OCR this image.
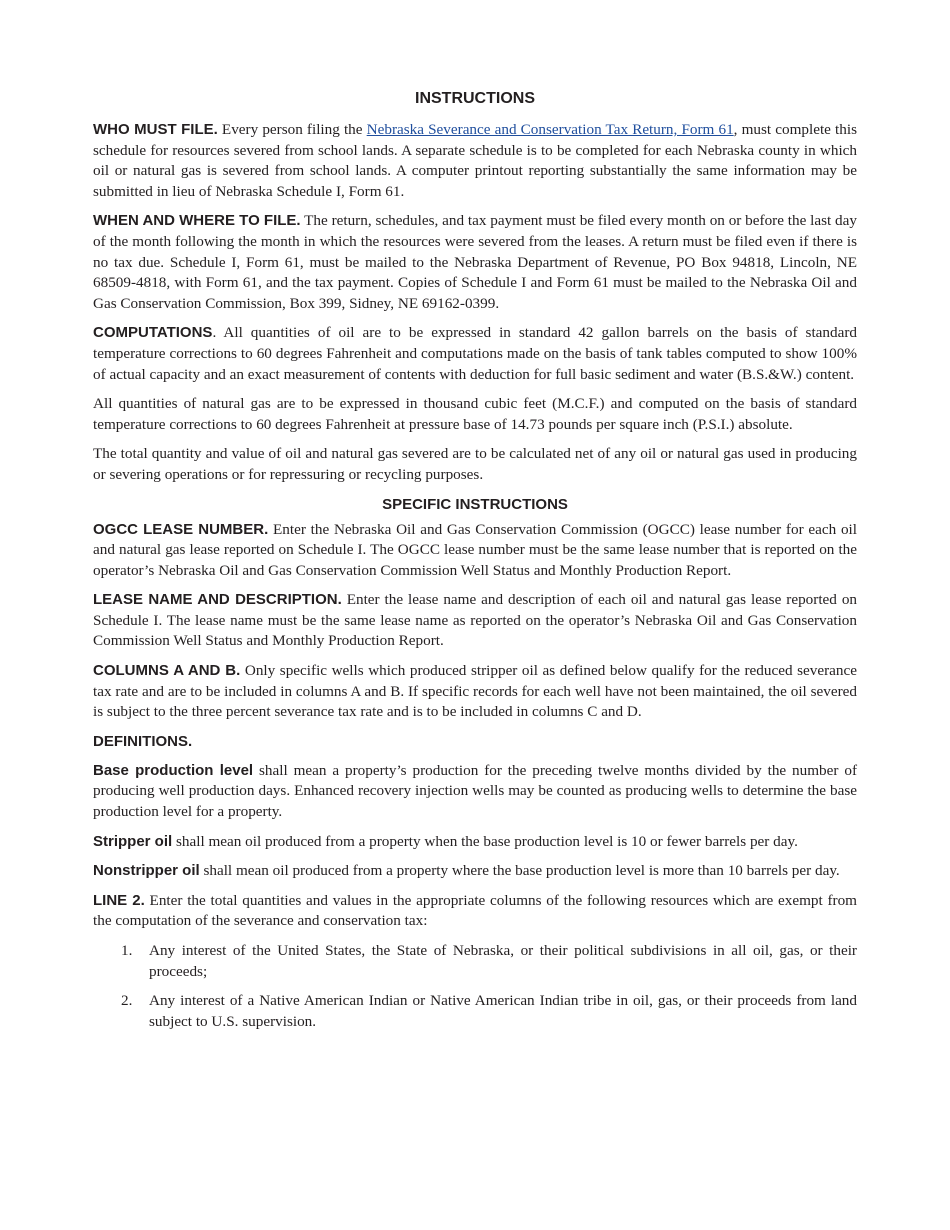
INSTRUCTIONS

WHO MUST FILE. Every person filing the Nebraska Severance and Conservation Tax Return, Form 61, must complete this schedule for resources severed from school lands. A separate schedule is to be completed for each Nebraska county in which oil or natural gas is severed from school lands. A computer printout reporting substantially the same information may be submitted in lieu of Nebraska Schedule I, Form 61.

WHEN AND WHERE TO FILE. The return, schedules, and tax payment must be filed every month on or before the last day of the month following the month in which the resources were severed from the leases. A return must be filed even if there is no tax due. Schedule I, Form 61, must be mailed to the Nebraska Department of Revenue, PO Box 94818, Lincoln, NE 68509-4818, with Form 61, and the tax payment. Copies of Schedule I and Form 61 must be mailed to the Nebraska Oil and Gas Conservation Commission, Box 399, Sidney, NE 69162-0399.

COMPUTATIONS. All quantities of oil are to be expressed in standard 42 gallon barrels on the basis of standard temperature corrections to 60 degrees Fahrenheit and computations made on the basis of tank tables computed to show 100% of actual capacity and an exact measurement of contents with deduction for full basic sediment and water (B.S.&W.) content.

All quantities of natural gas are to be expressed in thousand cubic feet (M.C.F.) and computed on the basis of standard temperature corrections to 60 degrees Fahrenheit at pressure base of 14.73 pounds per square inch (P.S.I.) absolute.

The total quantity and value of oil and natural gas severed are to be calculated net of any oil or natural gas used in producing or severing operations or for repressuring or recycling purposes.

SPECIFIC INSTRUCTIONS

OGCC LEASE NUMBER. Enter the Nebraska Oil and Gas Conservation Commission (OGCC) lease number for each oil and natural gas lease reported on Schedule I. The OGCC lease number must be the same lease number that is reported on the operator’s Nebraska Oil and Gas Conservation Commission Well Status and Monthly Production Report.

LEASE NAME AND DESCRIPTION. Enter the lease name and description of each oil and natural gas lease reported on Schedule I. The lease name must be the same lease name as reported on the operator’s Nebraska Oil and Gas Conservation Commission Well Status and Monthly Production Report.

COLUMNS A AND B. Only specific wells which produced stripper oil as defined below qualify for the reduced severance tax rate and are to be included in columns A and B. If specific records for each well have not been maintained, the oil severed is subject to the three percent severance tax rate and is to be included in columns C and D.

DEFINITIONS.

Base production level shall mean a property’s production for the preceding twelve months divided by the number of producing well production days. Enhanced recovery injection wells may be counted as producing wells to determine the base production level for a property.

Stripper oil shall mean oil produced from a property when the base production level is 10 or fewer barrels per day.

Nonstripper oil shall mean oil produced from a property where the base production level is more than 10 barrels per day.

LINE 2. Enter the total quantities and values in the appropriate columns of the following resources which are exempt from the computation of the severance and conservation tax:

1. Any interest of the United States, the State of Nebraska, or their political subdivisions in all oil, gas, or their proceeds;
2. Any interest of a Native American Indian or Native American Indian tribe in oil, gas, or their proceeds from land subject to U.S. supervision.
